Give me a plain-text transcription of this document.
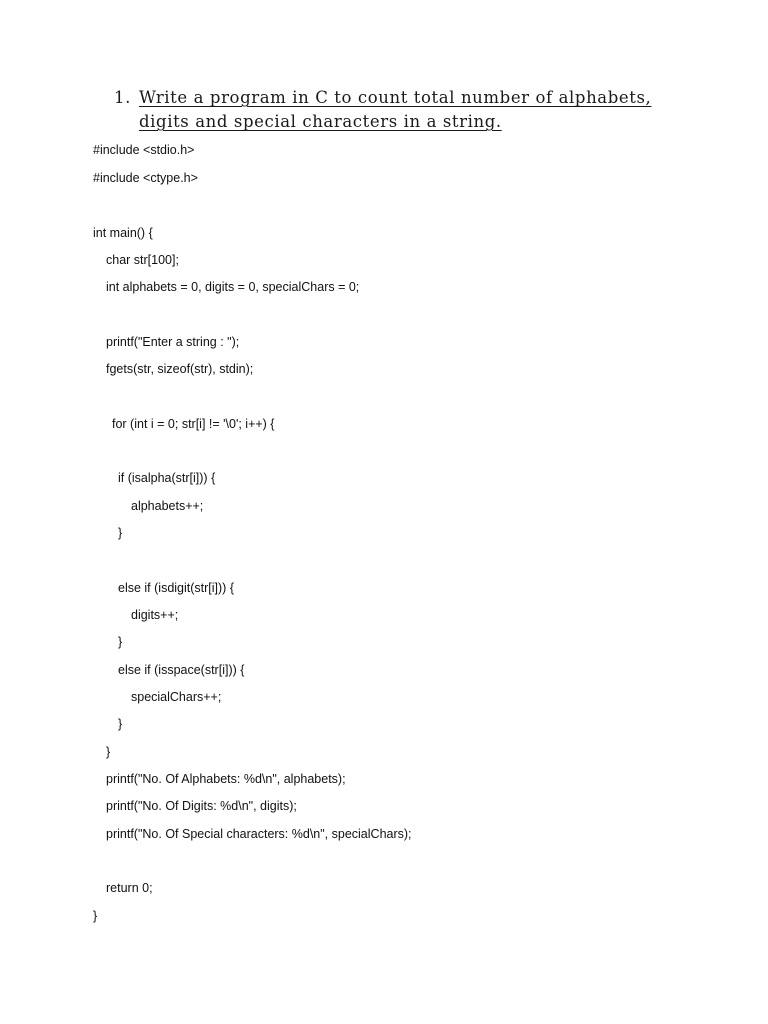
1. Write a program in C to count total number of alphabets, digits and special characters in a string.
#include <stdio.h>
#include <ctype.h>
int main() {
char str[100];
int alphabets = 0, digits = 0, specialChars = 0;
printf("Enter a string : ");
fgets(str, sizeof(str), stdin);
for (int i = 0; str[i] != '\0'; i++) {
if (isalpha(str[i])) {
alphabets++;
}
else if (isdigit(str[i])) {
digits++;
}
else if (isspace(str[i])) {
specialChars++;
}
}
printf("No. Of Alphabets: %d\n", alphabets);
printf("No. Of Digits: %d\n", digits);
printf("No. Of Special characters: %d\n", specialChars);
return 0;
}
